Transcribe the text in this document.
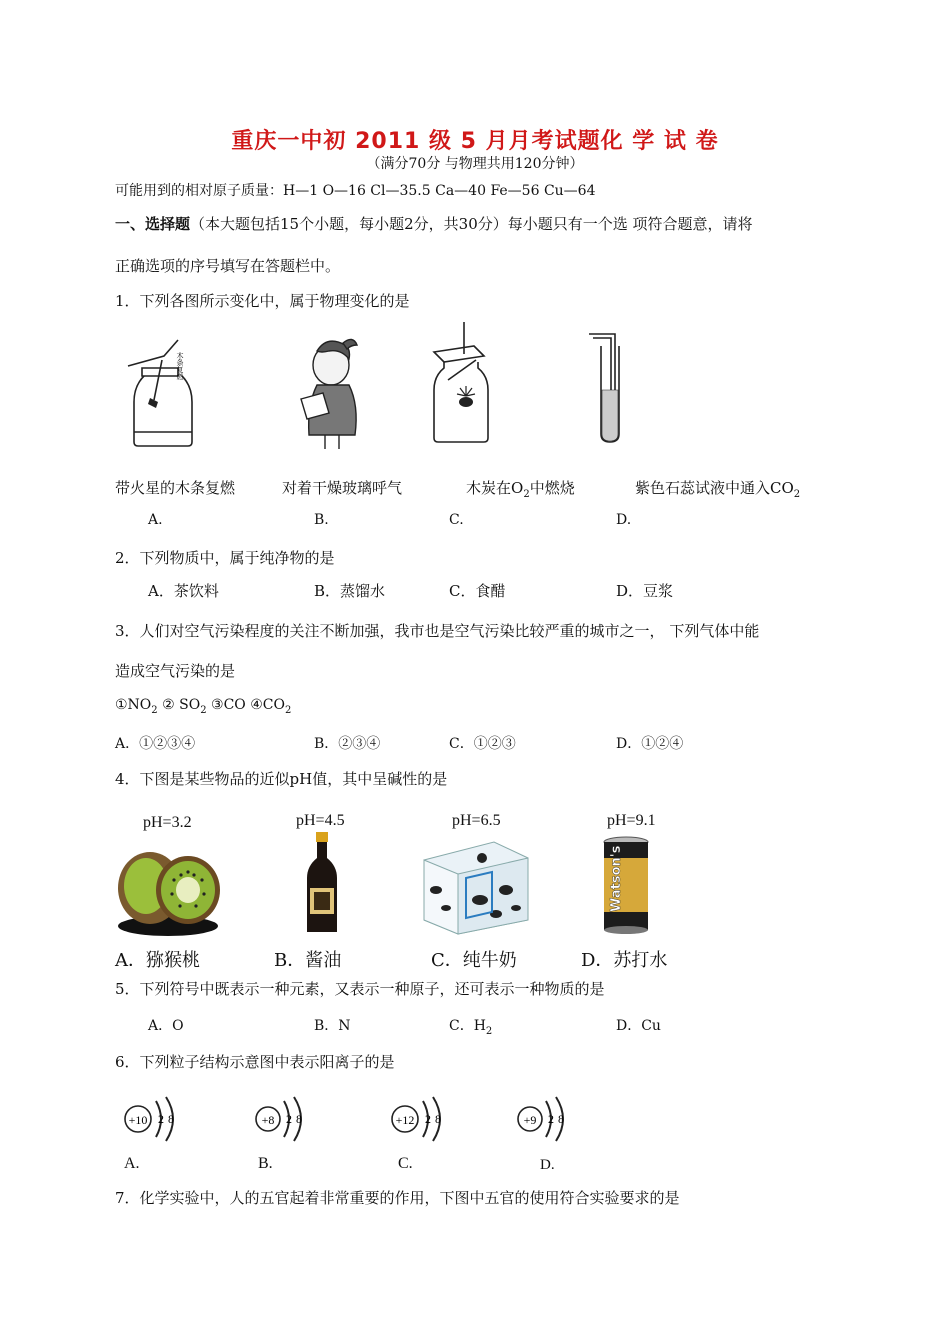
重庆一中初 2011 级 5 月月考试题化 学 试 卷
（满分70分 与物理共用120分钟）
可能用到的相对原子质量：H—1 O—16 Cl—35.5 Ca—40 Fe—56 Cu—64
一、选择题（本大题包括15个小题，每小题2分，共30分）每小题只有一个选 项符合题意，请将
正确选项的序号填写在答题栏中。
1．下列各图所示变化中，属于物理变化的是
木条复燃
带火星的木条复燃	对着干燥玻璃呼气	木炭在$O_2$中燃烧	紫色石蕊试液中通入$CO_2$
A.	B.	C.	D.
2．下列物质中，属于纯净物的是
A．茶饮料	B．蒸馏水	C．食醋	D．豆浆
3．人们对空气污染程度的关注不断加强，我市也是空气污染比较严重的城市之一， 下列气体中能
造成空气污染的是
$①NO_2$ ② $SO_2$ ③CO $④CO_2$
A．①②③④	B．②③④	C．①②③	D．①②④
4．下图是某些物品的近似pH值，其中呈碱性的是
pH=3.2	pH=4.5	pH=6.5	pH=9.1
Watson's
A．猕猴桃	B．酱油	C．纯牛奶	D．苏打水
5．下列符号中既表示一种元素，又表示一种原子，还可表示一种物质的是
A．O	B．N	C．$H_2$	D．Cu
6．下列粒子结构示意图中表示阳离子的是
+10 2 8	+8 2 8	+12 2 8	+9 2 8
A.	B.	C.	D.
7．化学实验中，人的五官起着非常重要的作用，下图中五官的使用符合实验要求的是
